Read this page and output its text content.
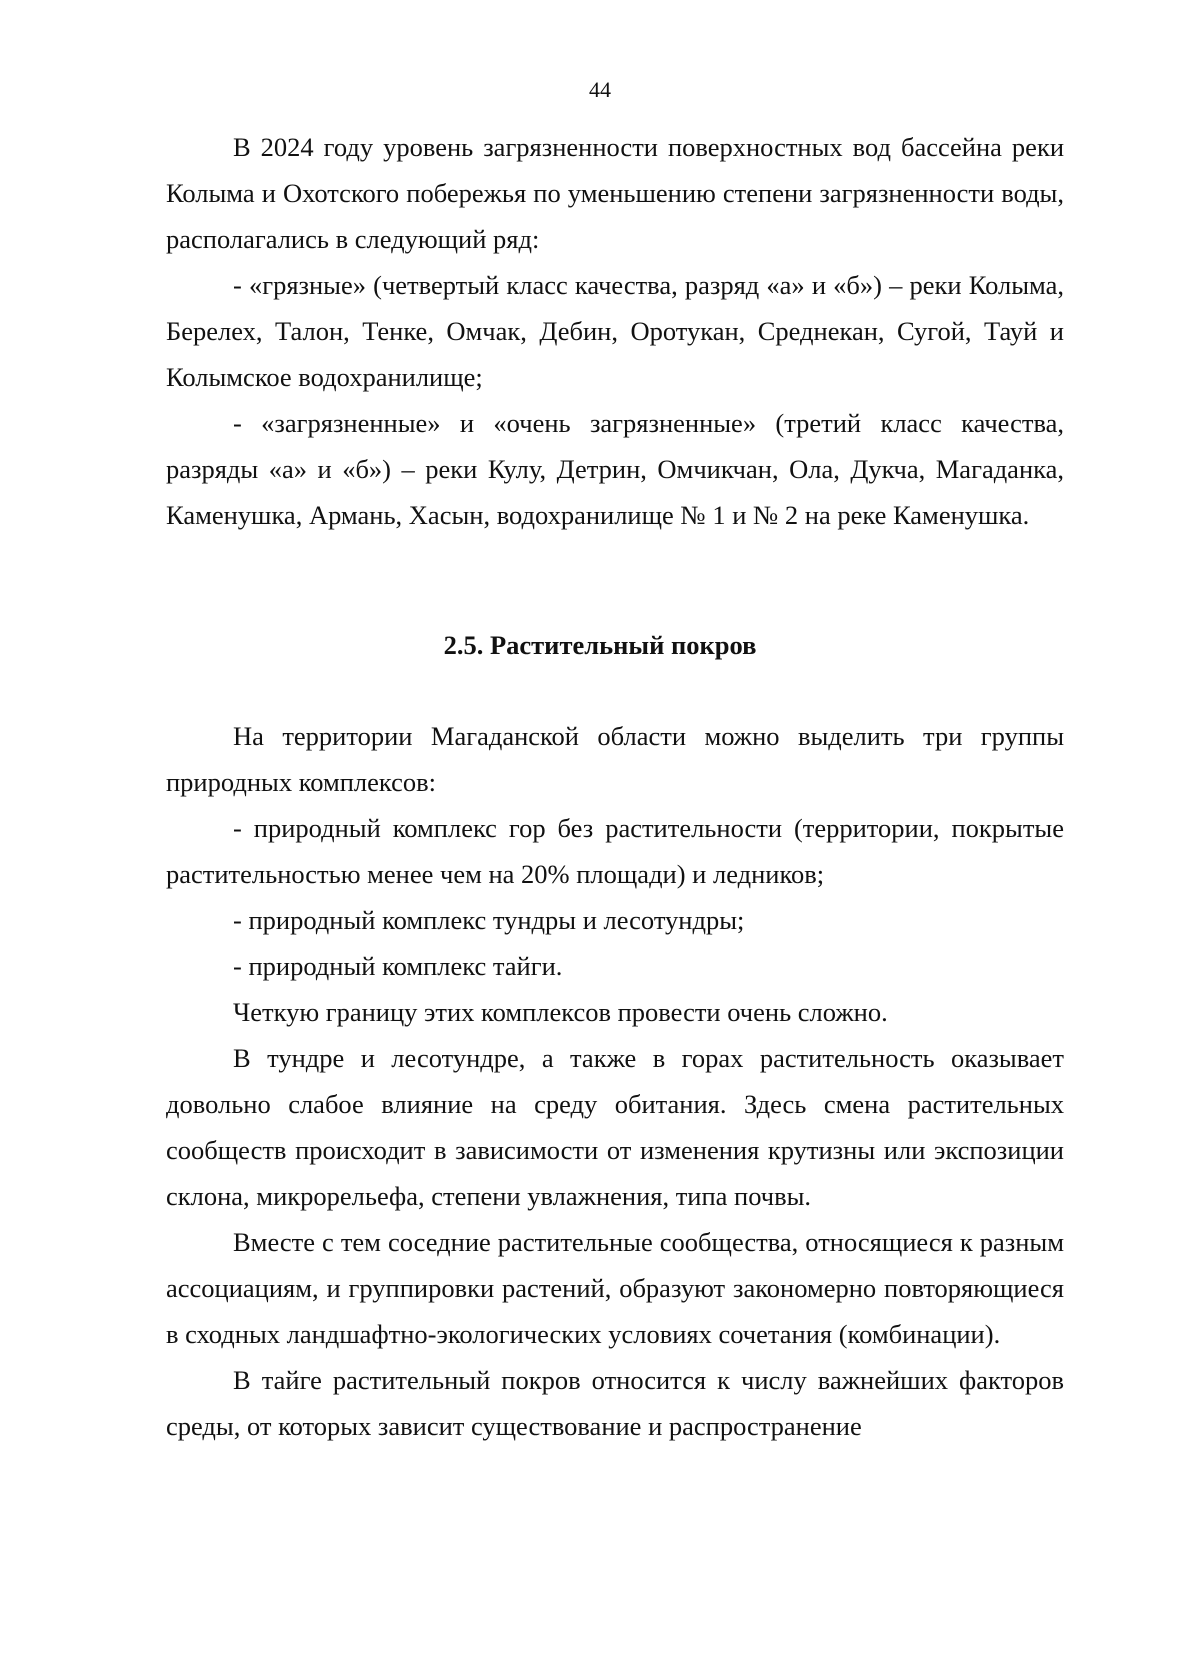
44

В 2024 году уровень загрязненности поверхностных вод бассейна реки Колыма и Охотского побережья по уменьшению степени загрязненности воды, располагались в следующий ряд:

- «грязные» (четвертый класс качества, разряд «а» и «б») – реки Колыма, Берелех, Талон, Тенке, Омчак, Дебин, Оротукан, Среднекан, Сугой, Тауй и Колымское водохранилище;

- «загрязненные» и «очень загрязненные» (третий класс качества, разряды «а» и «б») – реки Кулу, Детрин, Омчикчан, Ола, Дукча, Магаданка, Каменушка, Армань, Хасын, водохранилище № 1 и № 2 на реке Каменушка.

2.5. Растительный покров

На территории Магаданской области можно выделить три группы природных комплексов:

- природный комплекс гор без растительности (территории, покрытые растительностью менее чем на 20% площади) и ледников;

- природный комплекс тундры и лесотундры;

- природный комплекс тайги.

Четкую границу этих комплексов провести очень сложно.

В тундре и лесотундре, а также в горах растительность оказывает довольно слабое влияние на среду обитания. Здесь смена растительных сообществ происходит в зависимости от изменения крутизны или экспозиции склона, микрорельефа, степени увлажнения, типа почвы.

Вместе с тем соседние растительные сообщества, относящиеся к разным ассоциациям, и группировки растений, образуют закономерно повторяющиеся в сходных ландшафтно-экологических условиях сочетания (комбинации).

В тайге растительный покров относится к числу важнейших факторов среды, от которых зависит существование и распространение
